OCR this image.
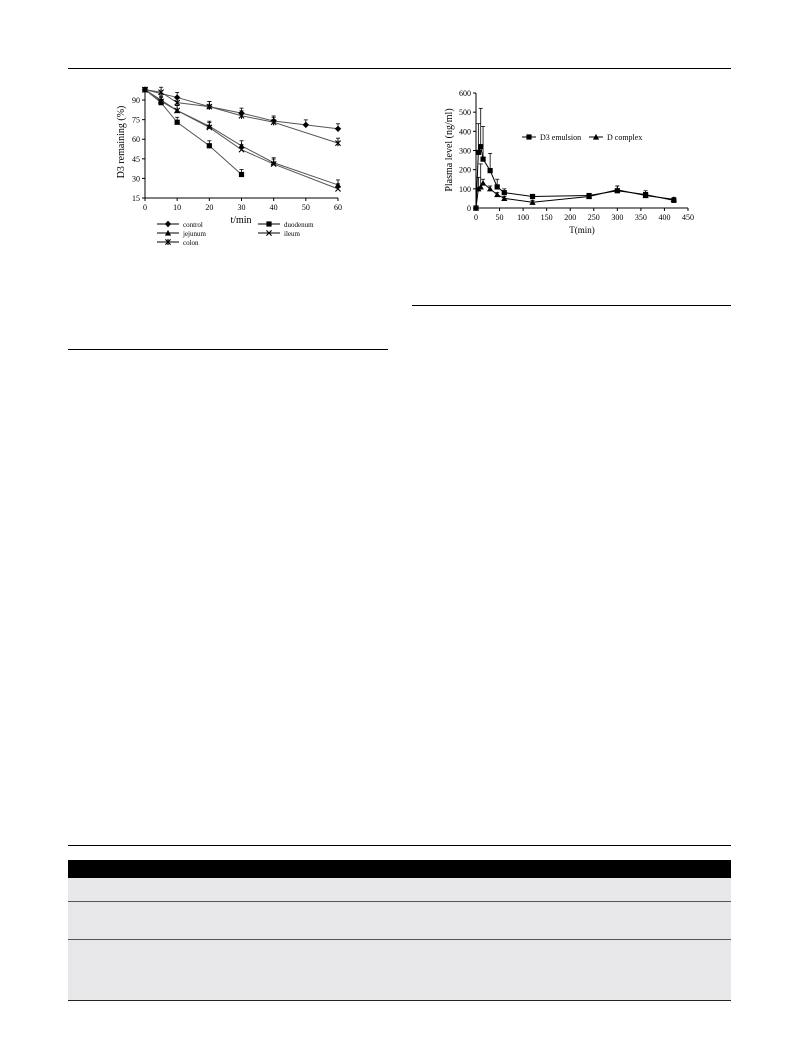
15
30
45
60
75
90
0	10	20	30	40	50	60
D3 remaining (%)
t/min
control	duodenum
jejunum	ileum
colon
0
100
200
300
400
500
600
0 50 100 150 200 250 300 350 400 450
Plasma level (ng/ml)
T(min)
D3 emulsion	D complex
